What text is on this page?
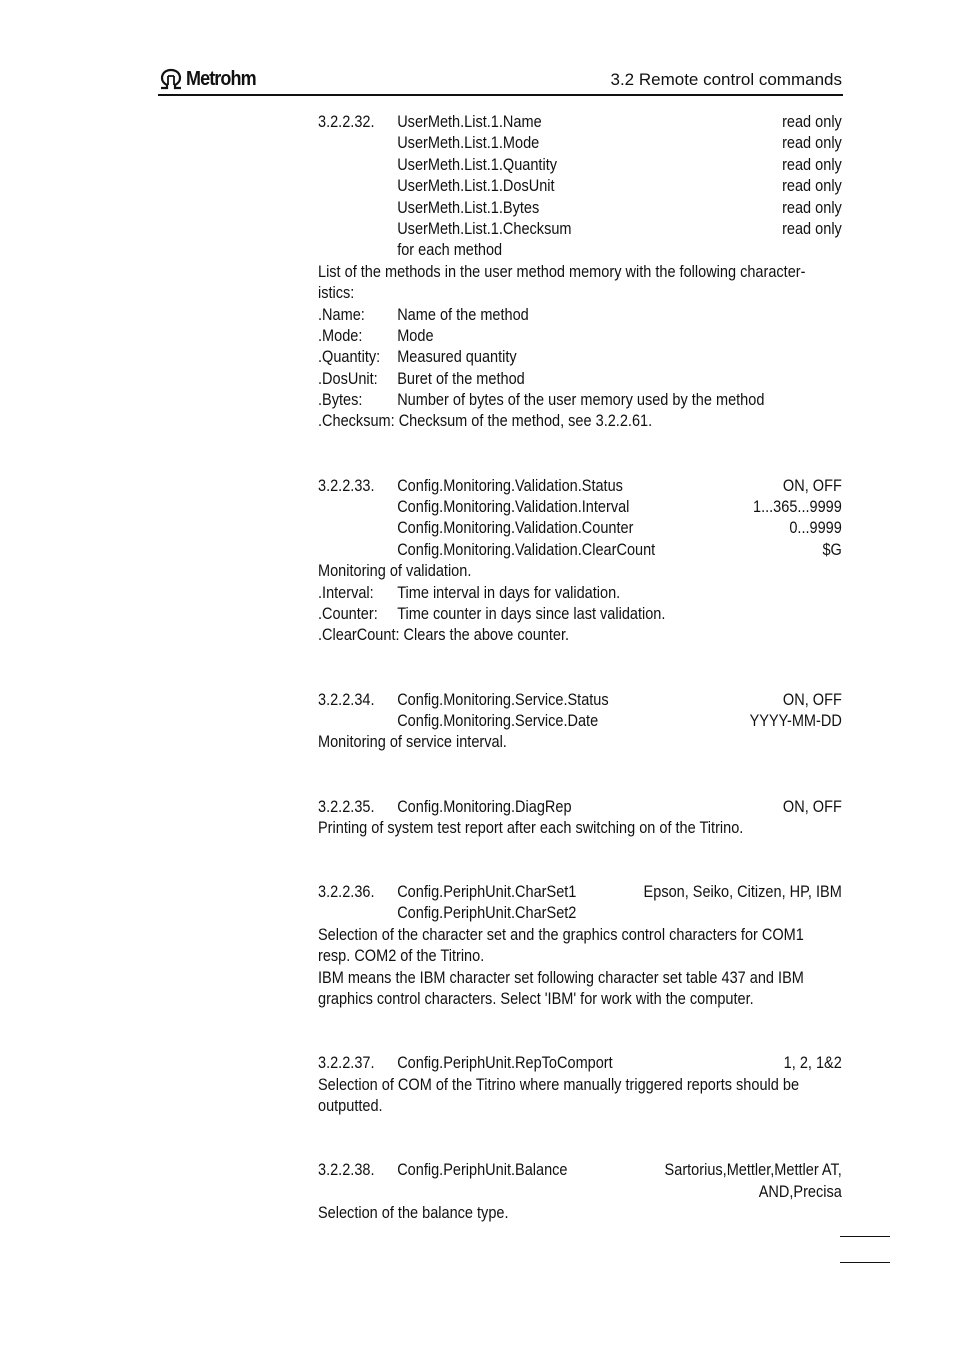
Metrohm	3.2 Remote control commands
3.2.2.32. UserMeth.List.1.Name	read only
UserMeth.List.1.Mode	read only
UserMeth.List.1.Quantity	read only
UserMeth.List.1.DosUnit	read only
UserMeth.List.1.Bytes	read only
UserMeth.List.1.Checksum	read only
for each method
List of the methods in the user method memory with the following character-
istics:
.Name: Name of the method
.Mode: Mode
.Quantity: Measured quantity
.DosUnit: Buret of the method
.Bytes: Number of bytes of the user memory used by the method
.Checksum: Checksum of the method, see 3.2.2.61.
3.2.2.33. Config.Monitoring.Validation.Status	ON, OFF
Config.Monitoring.Validation.Interval	1...365...9999
Config.Monitoring.Validation.Counter	0...9999
Config.Monitoring.Validation.ClearCount	$G
Monitoring of validation.
.Interval: Time interval in days for validation.
.Counter: Time counter in days since last validation.
.ClearCount: Clears the above counter.
3.2.2.34. Config.Monitoring.Service.Status	ON, OFF
Config.Monitoring.Service.Date	YYYY-MM-DD
Monitoring of service interval.
3.2.2.35. Config.Monitoring.DiagRep	ON, OFF
Printing of system test report after each switching on of the Titrino.
3.2.2.36. Config.PeriphUnit.CharSet1	Epson, Seiko, Citizen, HP, IBM
Config.PeriphUnit.CharSet2
Selection of the character set and the graphics control characters for COM1
resp. COM2 of the Titrino.
IBM means the IBM character set following character set table 437 and IBM
graphics control characters. Select 'IBM' for work with the computer.
3.2.2.37. Config.PeriphUnit.RepToComport	1, 2, 1&2
Selection of COM of the Titrino where manually triggered reports should be
outputted.
3.2.2.38. Config.PeriphUnit.Balance	Sartorius,Mettler,Mettler AT,
AND,Precisa
Selection of the balance type.
